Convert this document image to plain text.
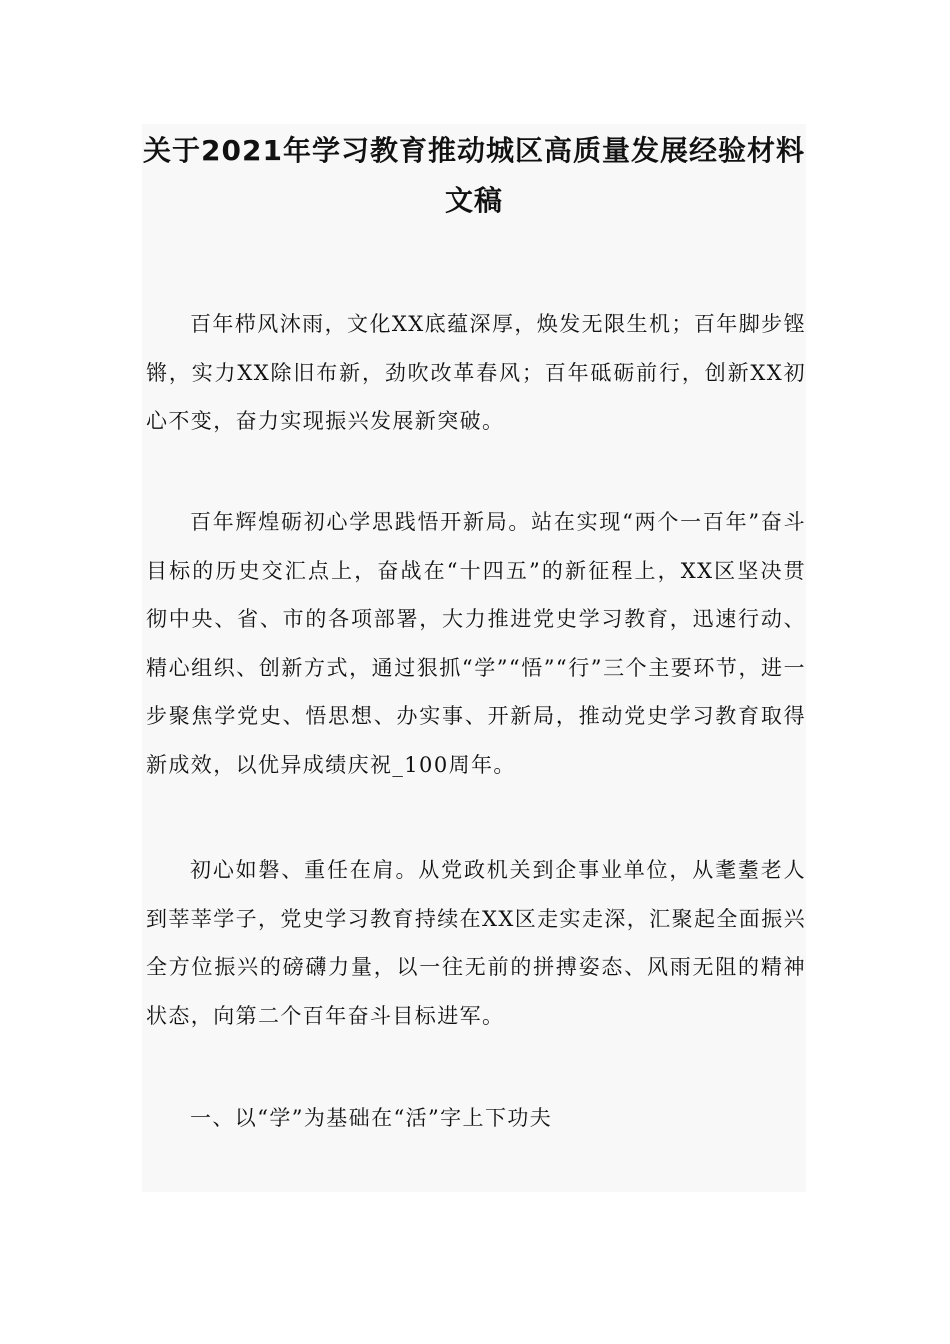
关于2021年学习教育推动城区高质量发展经验材料文稿

百年栉风沐雨，文化XX底蕴深厚，焕发无限生机；百年脚步铿锵，实力XX除旧布新，劲吹改革春风；百年砥砺前行，创新XX初心不变，奋力实现振兴发展新突破。

百年辉煌砺初心学思践悟开新局。站在实现“两个一百年”奋斗目标的历史交汇点上，奋战在“十四五”的新征程上，XX区坚决贯彻中央、省、市的各项部署，大力推进党史学习教育，迅速行动、精心组织、创新方式，通过狠抓“学”“悟”“行”三个主要环节，进一步聚焦学党史、悟思想、办实事、开新局，推动党史学习教育取得新成效，以优异成绩庆祝_100周年。

初心如磐、重任在肩。从党政机关到企事业单位，从耄耋老人到莘莘学子，党史学习教育持续在XX区走实走深，汇聚起全面振兴全方位振兴的磅礴力量，以一往无前的拼搏姿态、风雨无阻的精神状态，向第二个百年奋斗目标进军。

一、以“学”为基础在“活”字上下功夫
